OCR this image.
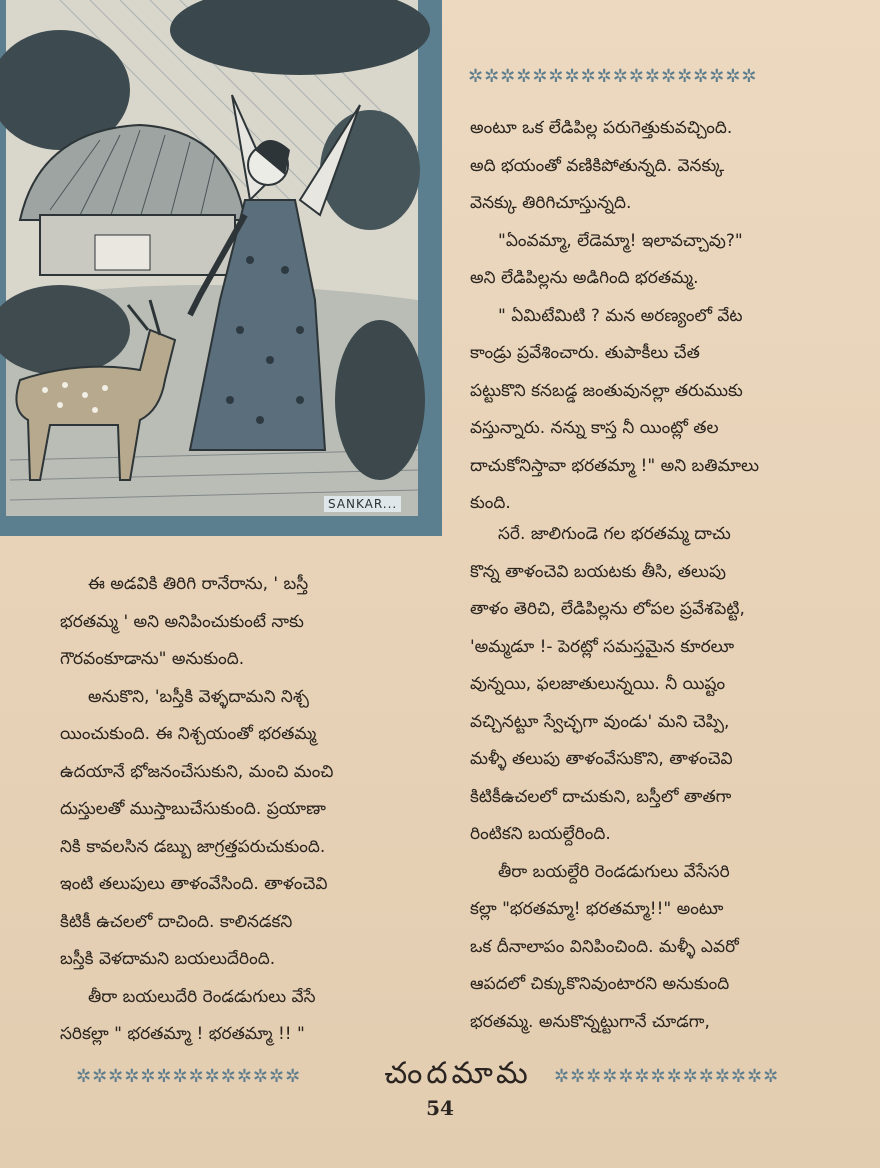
SANKAR...
✲✲✲✲✲✲✲✲✲✲✲✲✲✲✲✲✲✲
అంటూ ఒక లేడిపిల్ల పరుగెత్తుకువచ్చింది.
అది భయంతో వణికిపోతున్నది. వెనక్కు
వెనక్కు తిరిగిచూస్తున్నది.
"ఏంవమ్మా, లేడెమ్మా! ఇలావచ్చావు?"
అని లేడిపిల్లను అడిగింది భరతమ్మ.
" ఏమిటేమిటి ? మన అరణ్యంలో వేట
కాండ్రు ప్రవేశించారు. తుపాకీలు చేత
పట్టుకొని కనబడ్డ జంతువునల్లా తరుముకు
వస్తున్నారు. నన్ను కాస్త నీ యింట్లో తల
దాచుకోనిస్తావా భరతమ్మా !" అని బతిమాలు
కుంది.
సరే. జాలిగుండె గల భరతమ్మ దాచు
కొన్న తాళంచెవి బయటకు తీసి, తలుపు
తాళం తెరిచి, లేడిపిల్లను లోపల ప్రవేశపెట్టి,
'అమ్మడూ !- పెరట్లో సమస్తమైన కూరలూ
వున్నయి, ఫలజాతులున్నయి. నీ యిష్టం
వచ్చినట్టూ స్వేచ్ఛగా వుండు' మని చెప్పి,
మళ్ళీ తలుపు తాళంవేసుకొని, తాళంచెవి
కిటికీఉచలలో దాచుకుని, బస్తీలో తాతగా
రింటికని బయల్దేరింది.
తీరా బయల్దేరి రెండడుగులు వేసేసరి
కల్లా "భరతమ్మా! భరతమ్మా!!" అంటూ
ఒక దీనాలాపం వినిపించింది. మళ్ళీ ఎవరో
ఆపదలో చిక్కుకొనివుంటారని అనుకుంది
భరతమ్మ. అనుకొన్నట్టుగానే చూడగా,
ఈ అడవికి తిరిగి రానేరాను, ' బస్తీ
భరతమ్మ ' అని అనిపించుకుంటే నాకు
గౌరవంకూడాను" అనుకుంది.
అనుకొని, 'బస్తీకి వెళ్ళదామని నిశ్చ
యించుకుంది. ఈ నిశ్చయంతో భరతమ్మ
ఉదయానే భోజనంచేసుకుని, మంచి మంచి
దుస్తులతో ముస్తాబుచేసుకుంది. ప్రయాణా
నికి కావలసిన డబ్బు జాగ్రత్తపరుచుకుంది.
ఇంటి తలుపులు తాళంవేసింది. తాళంచెవి
కిటికీ ఉచలలో దాచింది. కాలినడకని
బస్తీకి వెళదామని బయలుదేరింది.
తీరా బయలుదేరి రెండడుగులు వేసే
సరికల్లా " భరతమ్మా ! భరతమ్మా !! "
✲✲✲✲✲✲✲✲✲✲✲✲✲✲	చందమామ	✲✲✲✲✲✲✲✲✲✲✲✲✲✲
54
